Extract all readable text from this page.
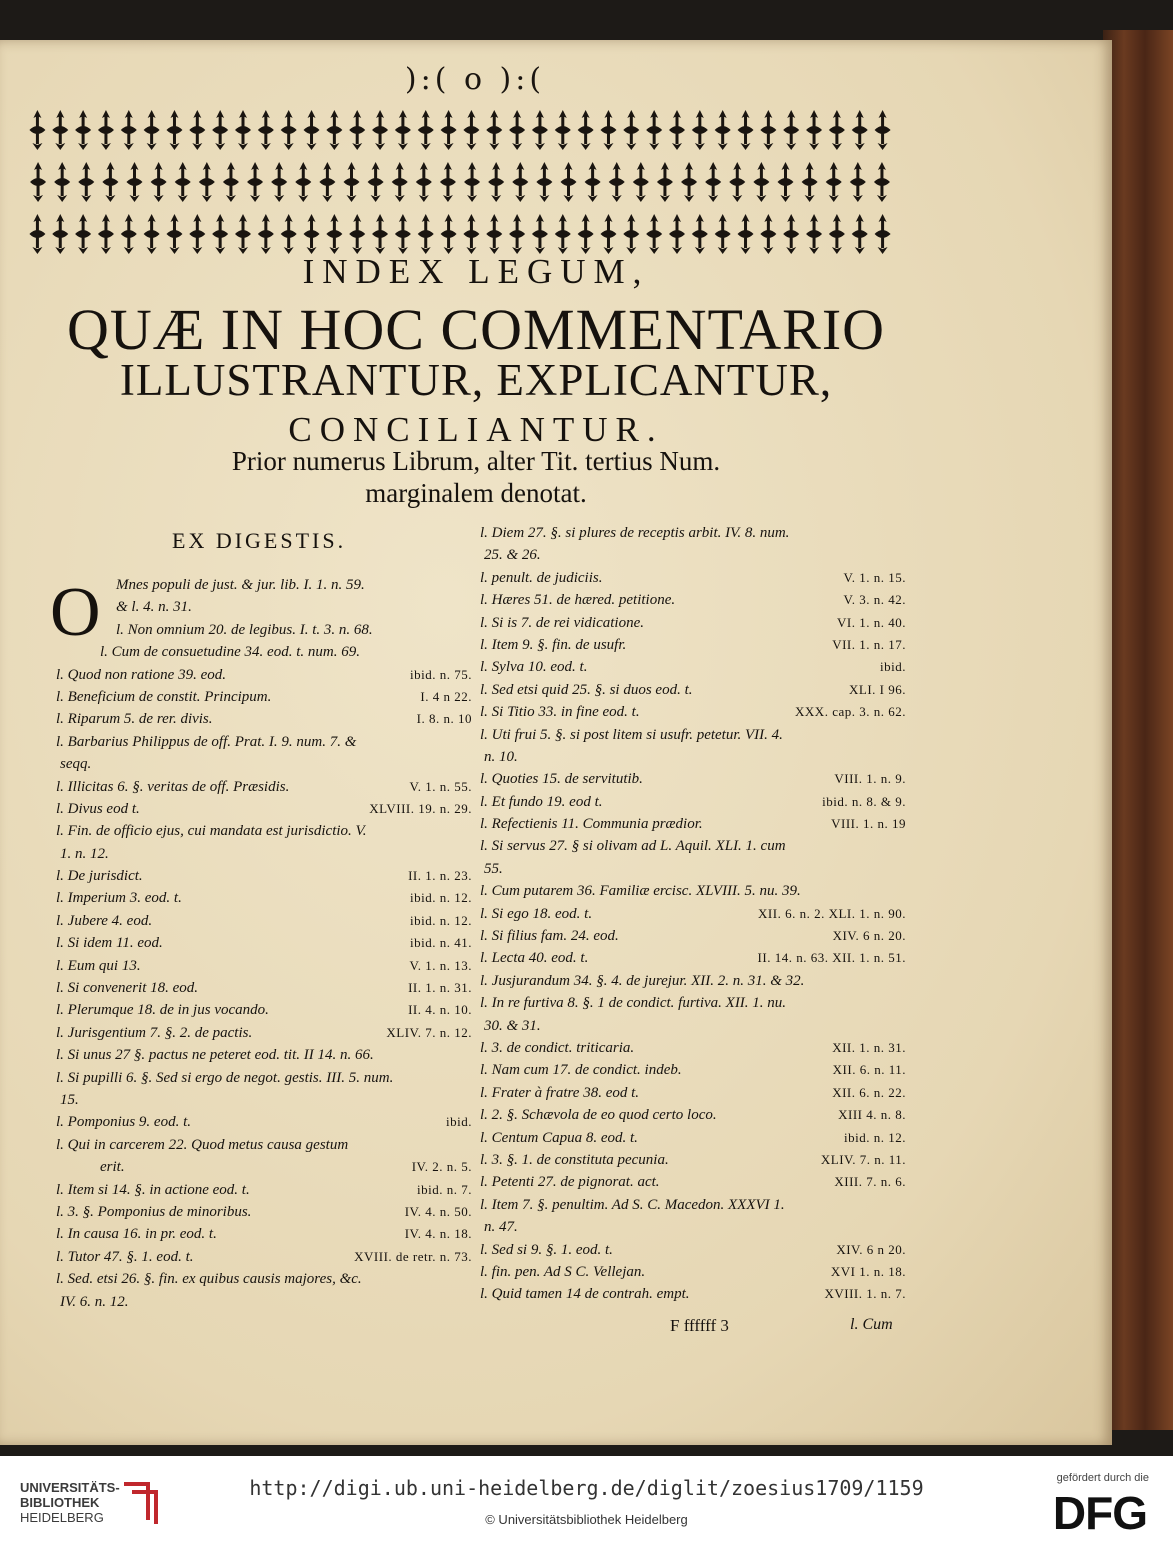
):( o ):(
INDEX LEGUM,
QUÆ IN HOC COMMENTARIO
ILLUSTRANTUR, EXPLICANTUR,
CONCILIANTUR.
Prior numerus Librum, alter Tit. tertius Num.
marginalem denotat.
EX DIGESTIS.
O Mnes populi de just. & jur. lib. I. 1. n. 59.
& l. 4. n. 31.
l. Non omnium 20. de legibus. I. t. 3. n. 68.
l. Cum de consuetudine 34. eod. t. num. 69.
l. Quod non ratione 39. eod.	ibid. n. 75.
l. Beneficium de constit. Principum.	I. 4 n 22.
l. Riparum 5. de rer. divis.	I. 8. n. 10
l. Barbarius Philippus de off. Prat. I. 9. num. 7. &
seqq.
l. Illicitas 6. §. veritas de off. Præsidis.	V. 1. n. 55.
l. Divus eod t.	XLVIII. 19. n. 29.
l. Fin. de officio ejus, cui mandata est jurisdictio. V.
1. n. 12.
l. De jurisdict.	II. 1. n. 23.
l. Imperium 3. eod. t.	ibid. n. 12.
l. Jubere 4. eod.	ibid. n. 12.
l. Si idem 11. eod.	ibid. n. 41.
l. Eum qui 13.	V. 1. n. 13.
l. Si convenerit 18. eod.	II. 1. n. 31.
l. Plerumque 18. de in jus vocando.	II. 4. n. 10.
l. Jurisgentium 7. §. 2. de pactis.	XLIV. 7. n. 12.
l. Si unus 27 §. pactus ne peteret eod. tit. II 14. n. 66.
l. Si pupilli 6. §. Sed si ergo de negot. gestis. III. 5. num.
15.
l. Pomponius 9. eod. t.	ibid.
l. Qui in carcerem 22. Quod metus causa gestum
erit.	IV. 2. n. 5.
l. Item si 14. §. in actione eod. t.	ibid. n. 7.
l. 3. §. Pomponius de minoribus.	IV. 4. n. 50.
l. In causa 16. in pr. eod. t.	IV. 4. n. 18.
l. Tutor 47. §. 1. eod. t.	XVIII. de retr. n. 73.
l. Sed. etsi 26. §. fin. ex quibus causis majores, &c.
IV. 6. n. 12.
l. Diem 27. §. si plures de receptis arbit. IV. 8. num.
25. & 26.
l. penult. de judiciis.	V. 1. n. 15.
l. Hæres 51. de hæred. petitione.	V. 3. n. 42.
l. Si is 7. de rei vidicatione.	VI. 1. n. 40.
l. Item 9. §. fin. de usufr.	VII. 1. n. 17.
l. Sylva 10. eod. t.	ibid.
l. Sed etsi quid 25. §. si duos eod. t.	XLI. I 96.
l. Si Titio 33. in fine eod. t.	XXX. cap. 3. n. 62.
l. Uti frui 5. §. si post litem si usufr. petetur. VII. 4.
n. 10.
l. Quoties 15. de servitutib.	VIII. 1. n. 9.
l. Et fundo 19. eod t.	ibid. n. 8. & 9.
l. Refectienis 11. Communia prædior.	VIII. 1. n. 19
l. Si servus 27. § si olivam ad L. Aquil. XLI. 1. cum
55.
l. Cum putarem 36. Familiæ ercisc. XLVIII. 5. nu. 39.
l. Si ego 18. eod. t.	XII. 6. n. 2. XLI. 1. n. 90.
l. Si filius fam. 24. eod.	XIV. 6 n. 20.
l. Lecta 40. eod. t.	II. 14. n. 63. XII. 1. n. 51.
l. Jusjurandum 34. §. 4. de jurejur. XII. 2. n. 31. & 32.
l. In re furtiva 8. §. 1 de condict. furtiva. XII. 1. nu.
30. & 31.
l. 3. de condict. triticaria.	XII. 1. n. 31.
l. Nam cum 17. de condict. indeb.	XII. 6. n. 11.
l. Frater à fratre 38. eod t.	XII. 6. n. 22.
l. 2. §. Schævola de eo quod certo loco.	XIII 4. n. 8.
l. Centum Capua 8. eod. t.	ibid. n. 12.
l. 3. §. 1. de constituta pecunia.	XLIV. 7. n. 11.
l. Petenti 27. de pignorat. act.	XIII. 7. n. 6.
l. Item 7. §. penultim. Ad S. C. Macedon. XXXVI 1.
n. 47.
l. Sed si 9. §. 1. eod. t.	XIV. 6 n 20.
l. fin. pen. Ad S C. Vellejan.	XVI 1. n. 18.
l. Quid tamen 14 de contrah. empt.	XVIII. 1. n. 7.
F ffffff 3	l. Cum
UNIVERSITÄTS-
BIBLIOTHEK
HEIDELBERG
http://digi.ub.uni-heidelberg.de/diglit/zoesius1709/1159
© Universitätsbibliothek Heidelberg
gefördert durch die
DFG
